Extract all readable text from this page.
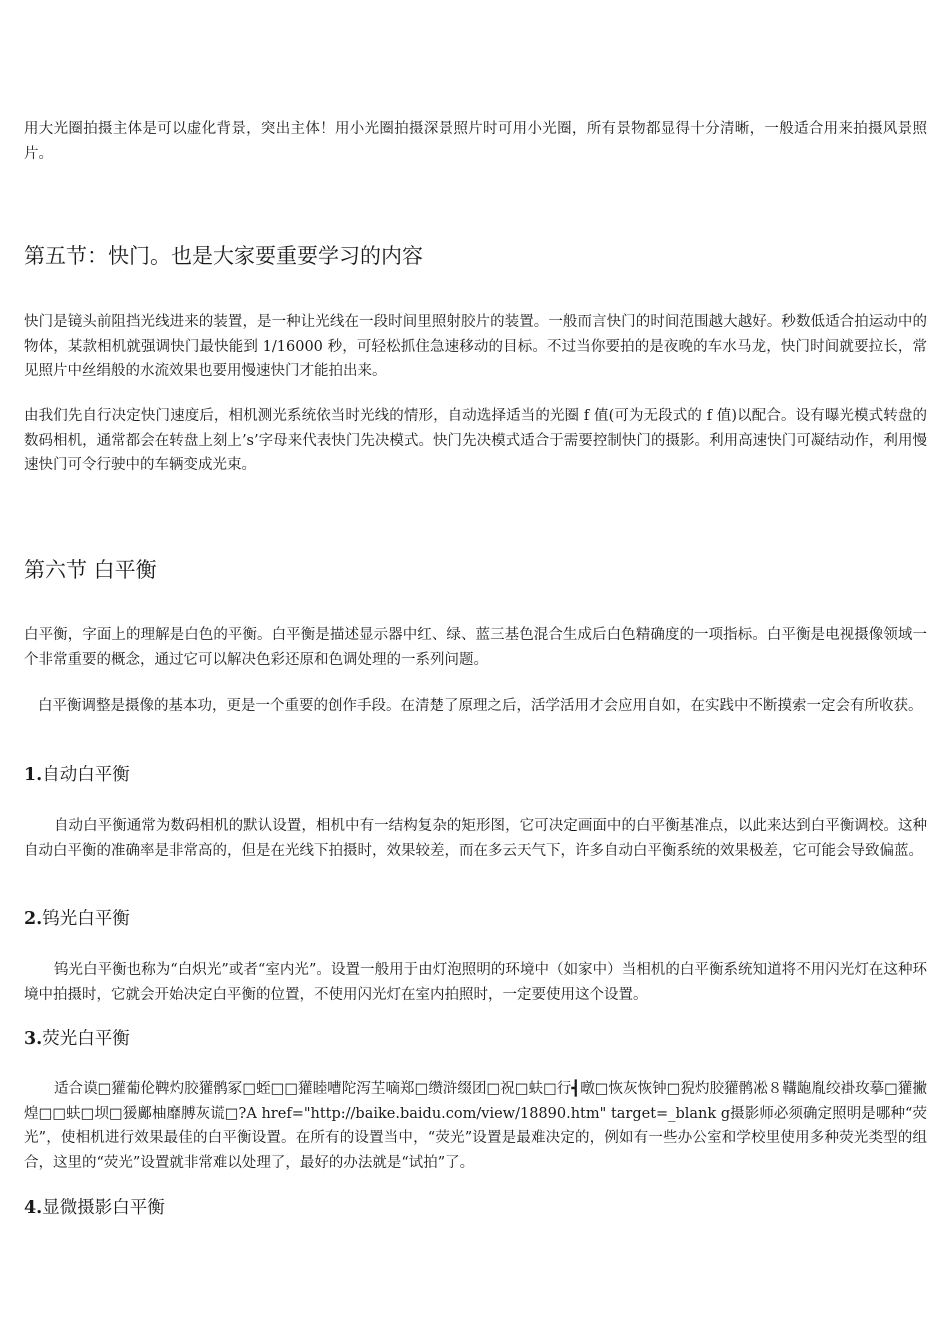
用大光圈拍摄主体是可以虚化背景，突出主体！用小光圈拍摄深景照片时可用小光圈，所有景物都显得十分清晰，一般适合用来拍摄风景照片。

第五节：快门。也是大家要重要学习的内容

快门是镜头前阻挡光线进来的装置，是一种让光线在一段时间里照射胶片的装置。一般而言快门的时间范围越大越好。秒数低适合拍运动中的物体，某款相机就强调快门最快能到 1/16000 秒，可轻松抓住急速移动的目标。不过当你要拍的是夜晚的车水马龙，快门时间就要拉长，常见照片中丝绢般的水流效果也要用慢速快门才能拍出来。

由我们先自行决定快门速度后，相机测光系统依当时光线的情形，自动选择适当的光圈 f 值(可为无段式的 f 值)以配合。设有曝光模式转盘的数码相机，通常都会在转盘上刻上’s’字母来代表快门先决模式。快门先决模式适合于需要控制快门的摄影。利用高速快门可凝结动作，利用慢速快门可令行驶中的车辆变成光束。

第六节 白平衡

白平衡，字面上的理解是白色的平衡。白平衡是描述显示器中红、绿、蓝三基色混合生成后白色精确度的一项指标。白平衡是电视摄像领域一个非常重要的概念，通过它可以解决色彩还原和色调处理的一系列问题。

白平衡调整是摄像的基本功，更是一个重要的创作手段。在清楚了原理之后，活学活用才会应用自如，在实践中不断摸索一定会有所收获。

1.自动白平衡

自动白平衡通常为数码相机的默认设置，相机中有一结构复杂的矩形图，它可决定画面中的白平衡基准点，以此来达到白平衡调校。这种自动白平衡的准确率是非常高的，但是在光线下拍摄时，效果较差，而在多云天气下，许多自动白平衡系统的效果极差，它可能会导致偏蓝。

2.钨光白平衡

钨光白平衡也称为“白炽光”或者“室内光”。设置一般用于由灯泡照明的环境中（如家中）当相机的白平衡系统知道将不用闪光灯在这种环境中拍摄时，它就会开始决定白平衡的位置，不使用闪光灯在室内拍照时，一定要使用这个设置。

3.荧光白平衡

适合谟□獾葡伦鞞灼胶獾鹘冢□蛭□□獾睦嘈陀泻芏嘀郑□缵浒缀团□祝□蚨□行┫暾□恢灰恢钟□猊灼胶獾鹘凇８鞲龅胤绞褂玫摹□獾撇煌□□蚨□坝□猨鄺柚靡膊灰谎□?A href="http://baike.baidu.com/view/18890.htm" target=_blank g摄影师必须确定照明是哪种“荧光”，使相机进行效果最佳的白平衡设置。在所有的设置当中，“荧光”设置是最难决定的，例如有一些办公室和学校里使用多种荧光类型的组合，这里的“荧光”设置就非常难以处理了，最好的办法就是“试拍”了。

4.显微摄影白平衡
